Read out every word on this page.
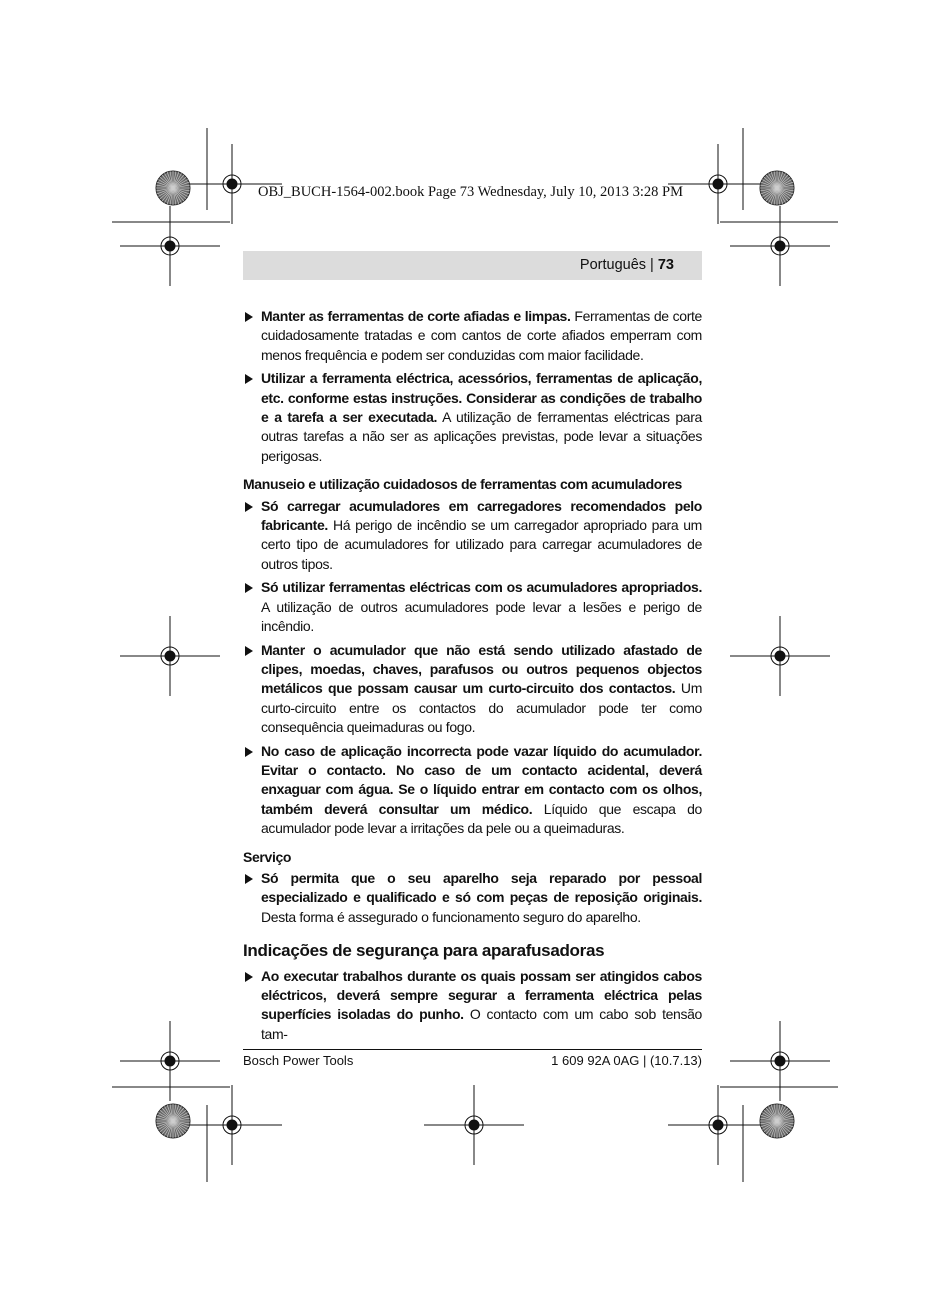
OBJ_BUCH-1564-002.book Page 73 Wednesday, July 10, 2013 3:28 PM
Português | 73
Manter as ferramentas de corte afiadas e limpas. Ferramentas de corte cuidadosamente tratadas e com cantos de corte afiados emperram com menos frequência e podem ser conduzidas com maior facilidade.
Utilizar a ferramenta eléctrica, acessórios, ferramentas de aplicação, etc. conforme estas instruções. Considerar as condições de trabalho e a tarefa a ser executada. A utilização de ferramentas eléctricas para outras tarefas a não ser as aplicações previstas, pode levar a situações perigosas.
Manuseio e utilização cuidadosos de ferramentas com acumuladores
Só carregar acumuladores em carregadores recomendados pelo fabricante. Há perigo de incêndio se um carregador apropriado para um certo tipo de acumuladores for utilizado para carregar acumuladores de outros tipos.
Só utilizar ferramentas eléctricas com os acumuladores apropriados. A utilização de outros acumuladores pode levar a lesões e perigo de incêndio.
Manter o acumulador que não está sendo utilizado afastado de clipes, moedas, chaves, parafusos ou outros pequenos objectos metálicos que possam causar um curto-circuito dos contactos. Um curto-circuito entre os contactos do acumulador pode ter como consequência queimaduras ou fogo.
No caso de aplicação incorrecta pode vazar líquido do acumulador. Evitar o contacto. No caso de um contacto acidental, deverá enxaguar com água. Se o líquido entrar em contacto com os olhos, também deverá consultar um médico. Líquido que escapa do acumulador pode levar a irritações da pele ou a queimaduras.
Serviço
Só permita que o seu aparelho seja reparado por pessoal especializado e qualificado e só com peças de reposição originais. Desta forma é assegurado o funcionamento seguro do aparelho.
Indicações de segurança para aparafusadoras
Ao executar trabalhos durante os quais possam ser atingidos cabos eléctricos, deverá sempre segurar a ferramenta eléctrica pelas superfícies isoladas do punho. O contacto com um cabo sob tensão tam-
Bosch Power Tools	1 609 92A 0AG | (10.7.13)
